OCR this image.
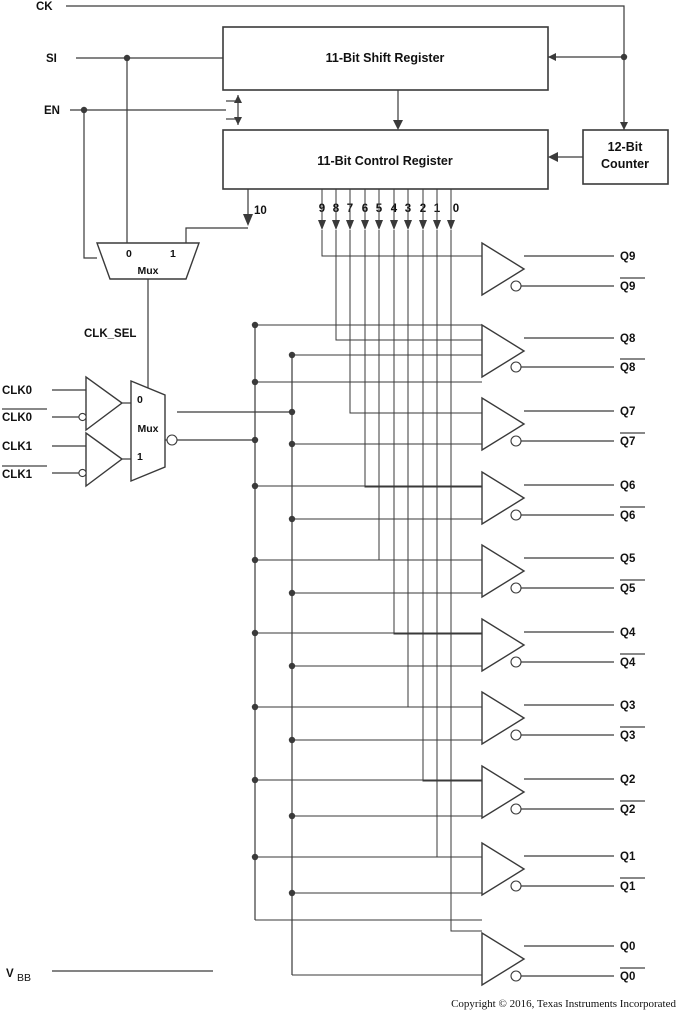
CK
SI
EN
11-Bit Shift Register
11-Bit Control Register
12-Bit
Counter
10
0	1
Mux
CLK_SEL
CLK0
CLK0
CLK1
CLK1
0
1
Mux
9 8 7 6 5 4 3 2 1 0
Q9
Q9
Q8
Q8
Q7
Q7
Q6
Q6
Q5
Q5
Q4
Q4
Q3
Q3
Q2
Q2
Q1
Q1
Q0
Q0
V BB
Copyright © 2016, Texas Instruments Incorporated
